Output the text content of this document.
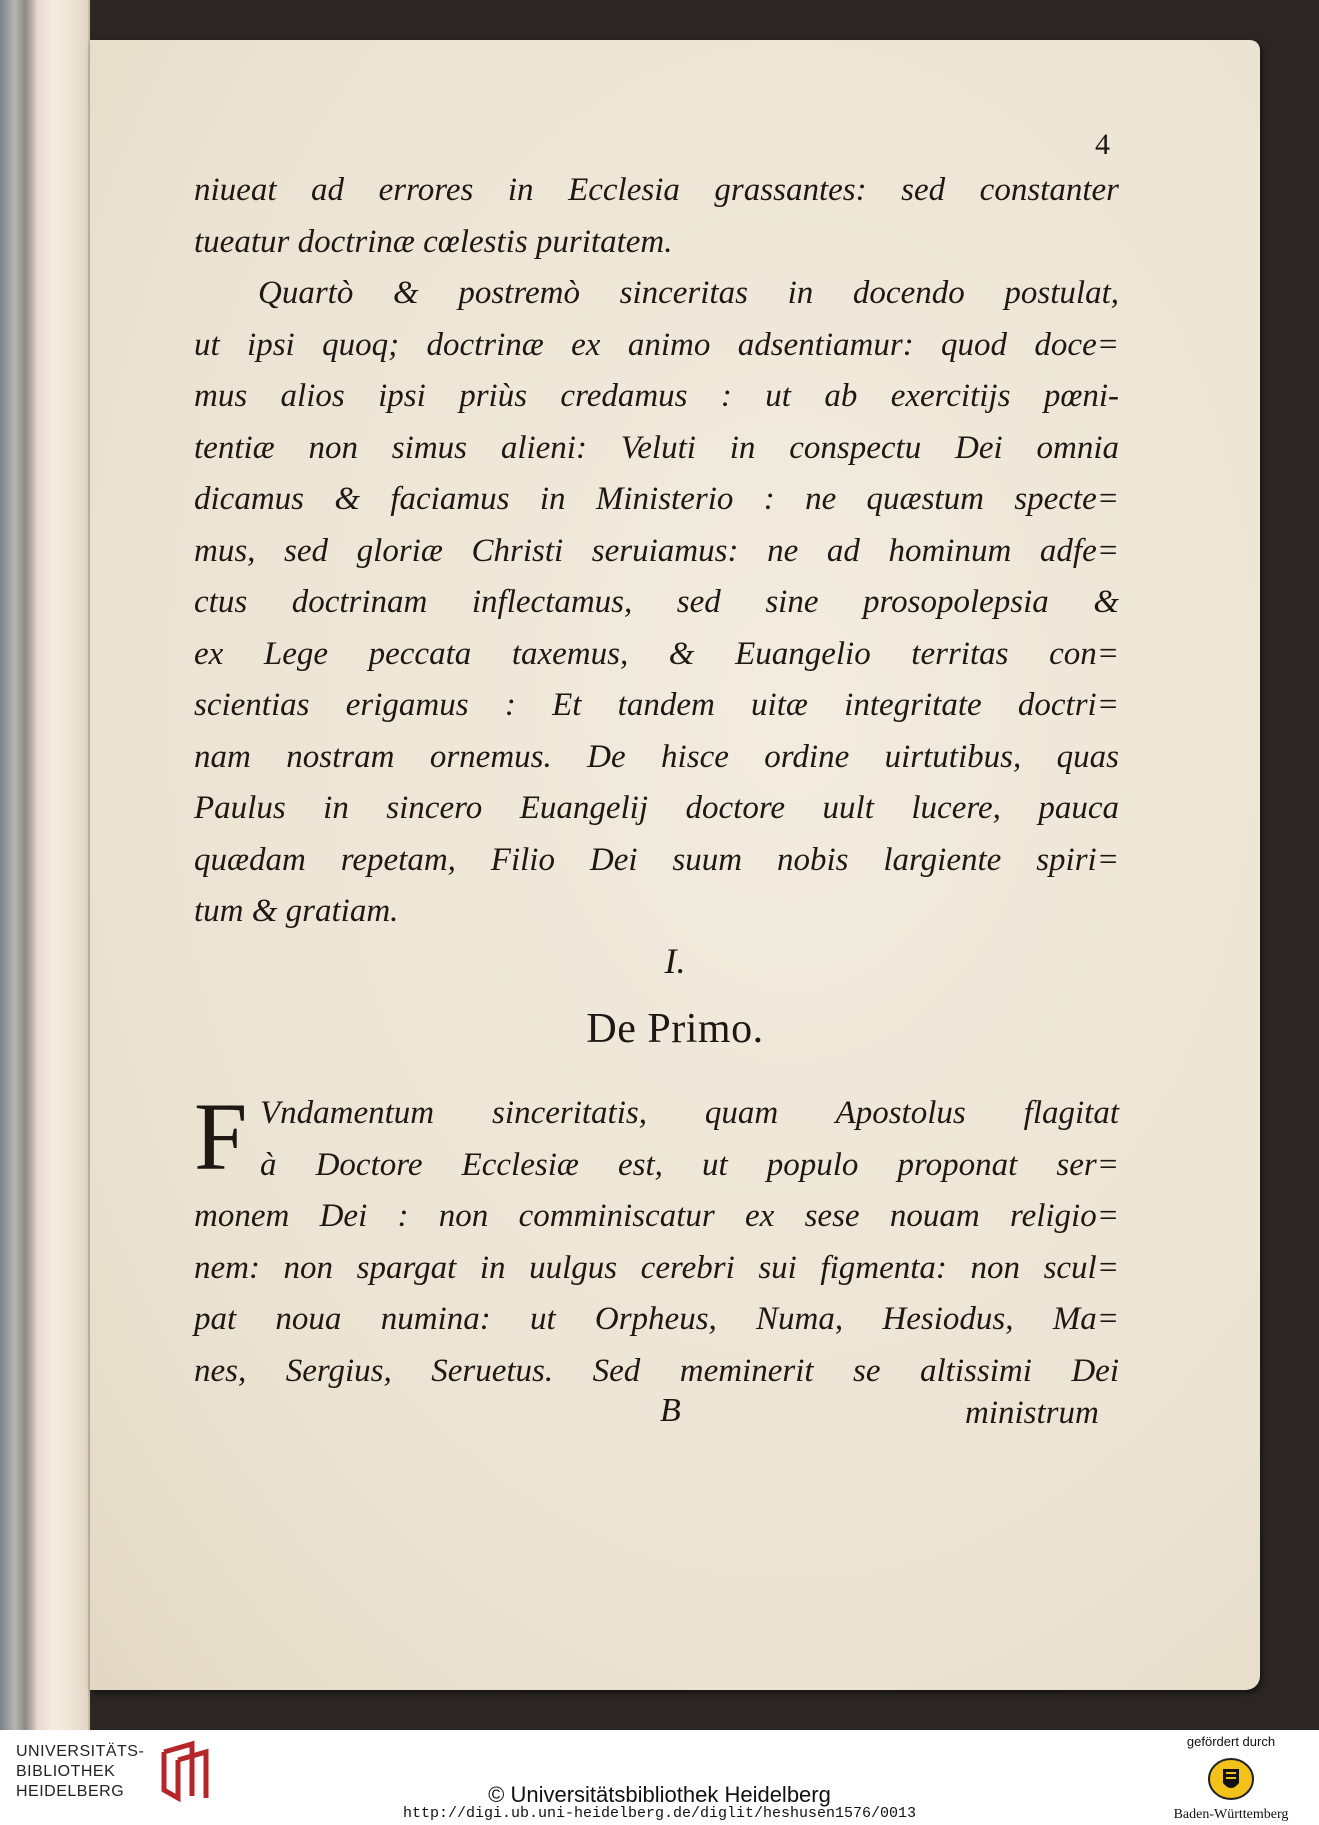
4
niueat ad errores in Ecclesia grassantes: sed constanter
tueatur doctrinæ cœlestis puritatem.
Quartò & postremò sinceritas in docendo postulat,
ut ipsi quoq; doctrinæ ex animo adsentiamur: quod doce=
mus alios ipsi priùs credamus : ut ab exercitijs pœni-
tentiæ non simus alieni: Veluti in conspectu Dei omnia
dicamus & faciamus in Ministerio : ne quæstum specte=
mus, sed gloriæ Christi seruiamus: ne ad hominum adfe=
ctus doctrinam inflectamus, sed sine prosopolepsia &
ex Lege peccata taxemus, & Euangelio territas con=
scientias erigamus : Et tandem uitæ integritate doctri=
nam nostram ornemus. De hisce ordine uirtutibus, quas
Paulus in sincero Euangelij doctore uult lucere, pauca
quædam repetam, Filio Dei suum nobis largiente spiri=
tum & gratiam.
I.
De Primo.
F Vndamentum sinceritatis, quam Apostolus flagitat
à Doctore Ecclesiæ est, ut populo proponat ser=
monem Dei : non comminiscatur ex sese nouam religio=
nem: non spargat in uulgus cerebri sui figmenta: non scul=
pat noua numina: ut Orpheus, Numa, Hesiodus, Ma=
nes, Sergius, Seruetus. Sed meminerit se altissimi Dei
B	ministrum
UNIVERSITÄTS-
BIBLIOTHEK
HEIDELBERG	© Universitätsbibliothek Heidelberg
http://digi.ub.uni-heidelberg.de/diglit/heshusen1576/0013
gefördert durch
Baden-Württemberg
